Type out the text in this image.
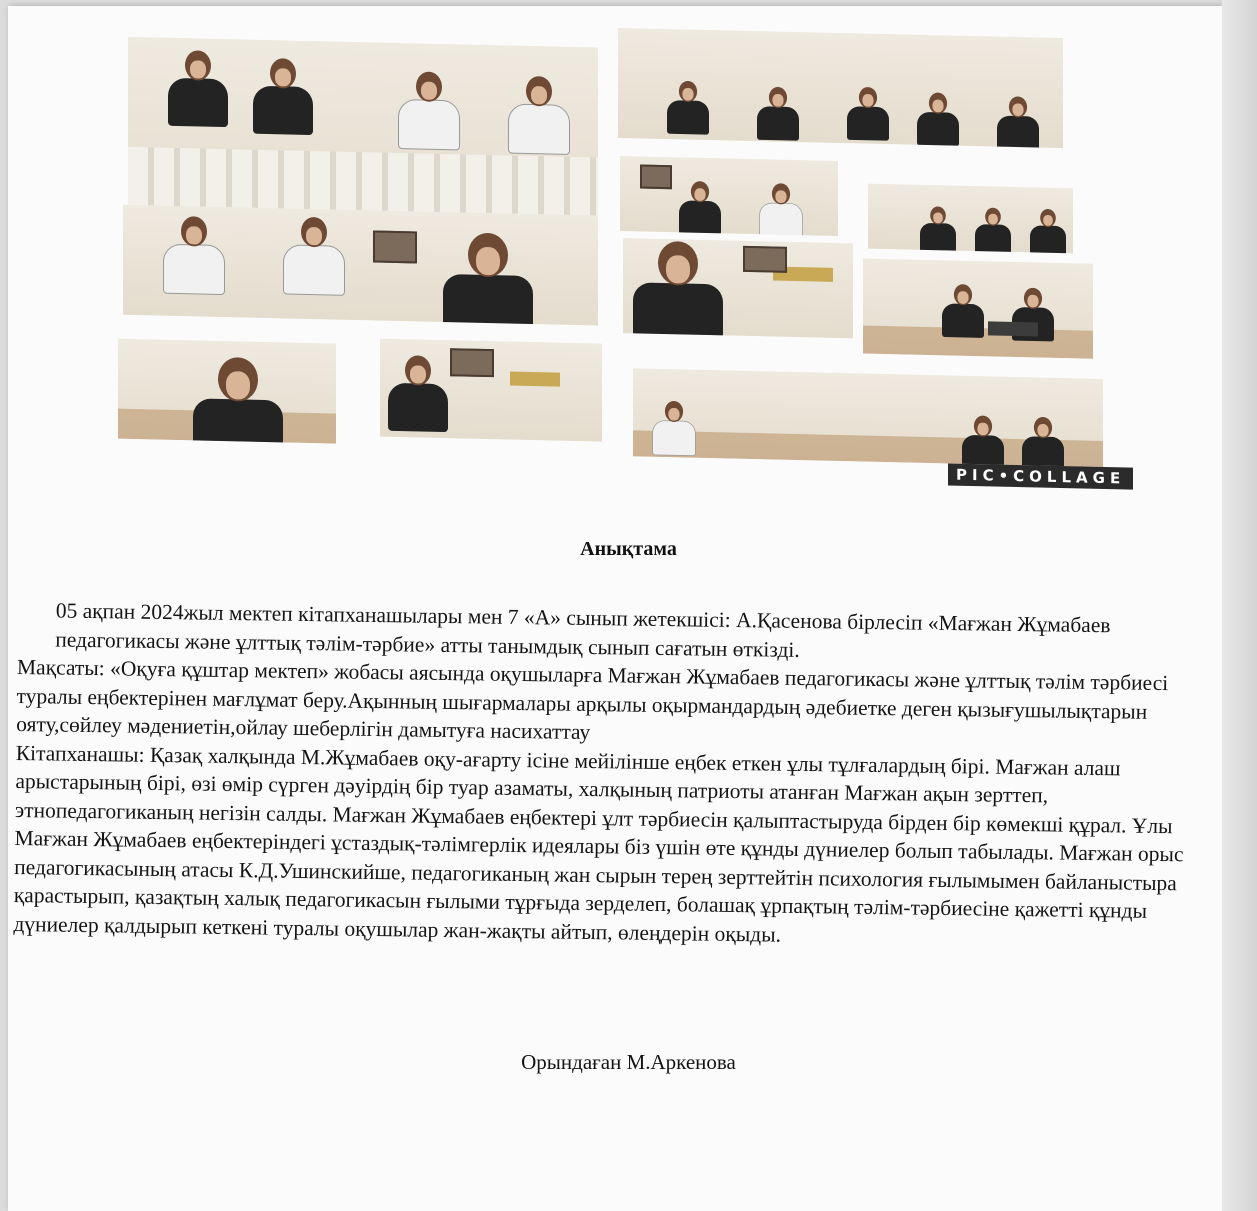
PIC•COLLAGE
Анықтама

05 ақпан 2024жыл мектеп кітапханашылары мен 7 «А» сынып жетекшісі: А.Қасенова бірлесіп «Мағжан Жұмабаев педагогикасы және ұлттық тәлім-тәрбие» атты танымдық сынып сағатын өткізді.

Мақсаты: «Оқуға құштар мектеп» жобасы аясында оқушыларға Мағжан Жұмабаев педагогикасы және ұлттық тәлім тәрбиесі туралы еңбектерінен мағлұмат беру.Ақынның шығармалары арқылы оқырмандардың әдебиетке деген қызығушылықтарын ояту,сөйлеу мәдениетін,ойлау шеберлігін дамытуға насихаттау

Кітапханашы: Қазақ халқында М.Жұмабаев оқу-ағарту ісіне мейілінше еңбек еткен ұлы тұлғалардың бірі. Мағжан алаш арыстарының бірі, өзі өмір сүрген дәуірдің бір туар азаматы, халқының патриоты атанған Мағжан ақын зерттеп, этнопедагогиканың негізін салды. Мағжан Жұмабаев еңбектері ұлт тәрбиесін қалыптастыруда бірден бір көмекші құрал. Ұлы Мағжан Жұмабаев еңбектеріндегі ұстаздық-тәлімгерлік идеялары біз үшін өте құнды дүниелер болып табылады. Мағжан орыс педагогикасының атасы К.Д.Ушинскийше, педагогиканың жан сырын терең зерттейтін психология ғылымымен байланыстыра қарастырып, қазақтың халық педагогикасын ғылыми тұрғыда зерделеп, болашақ ұрпақтың тәлім-тәрбиесіне қажетті құнды дүниелер қалдырып кеткені туралы оқушылар жан-жақты айтып, өлеңдерін оқыды.

Орындаған М.Аркенова
